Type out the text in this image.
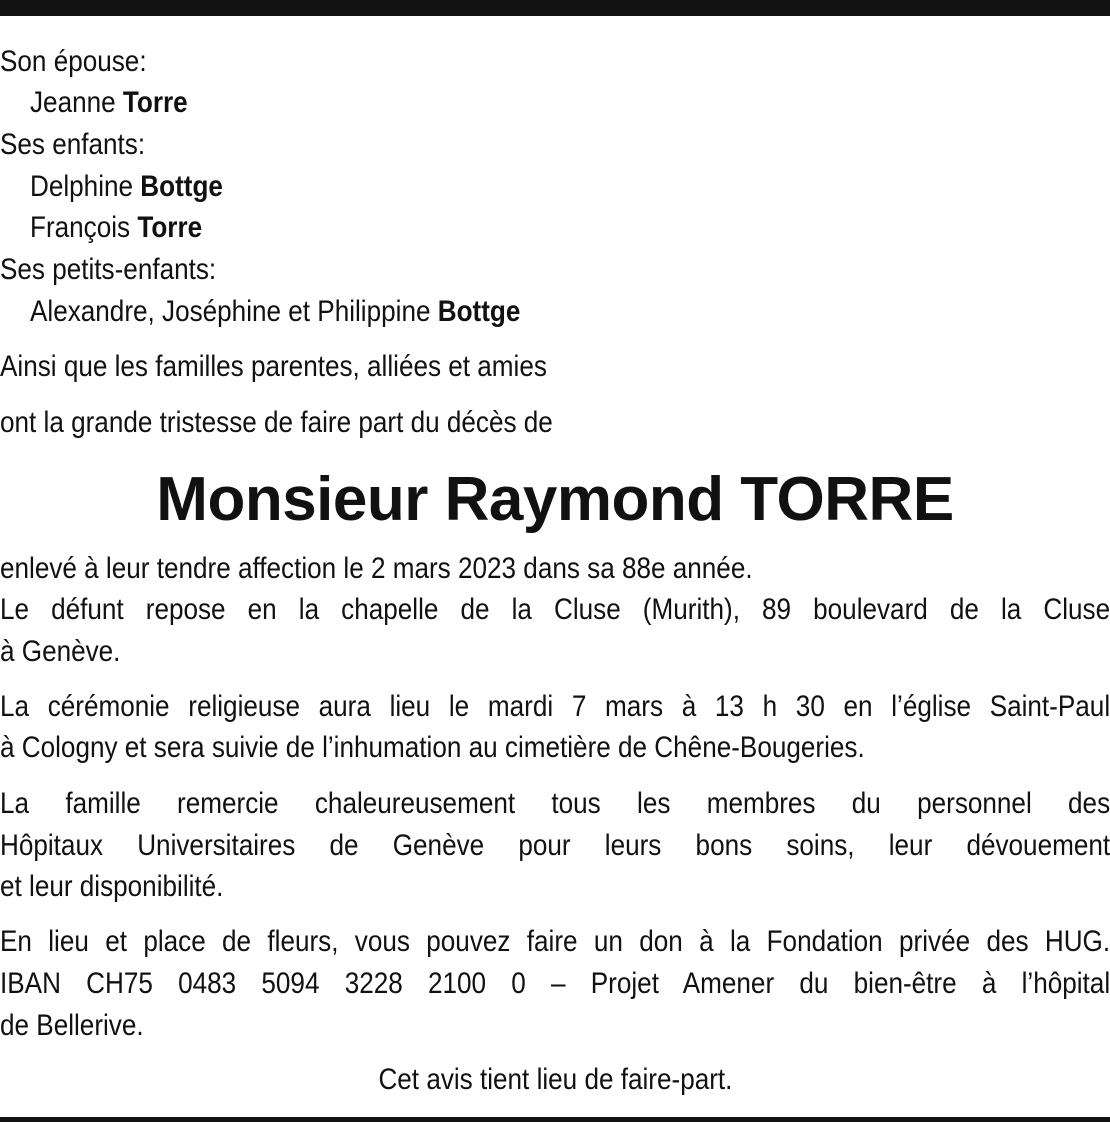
Son épouse:
Jeanne Torre
Ses enfants:
Delphine Bottge
François Torre
Ses petits-enfants:
Alexandre, Joséphine et Philippine Bottge
Ainsi que les familles parentes, alliées et amies
ont la grande tristesse de faire part du décès de
Monsieur Raymond TORRE
enlevé à leur tendre affection le 2 mars 2023 dans sa 88e année.
Le défunt repose en la chapelle de la Cluse (Murith), 89 boulevard de la Cluse
à Genève.
La cérémonie religieuse aura lieu le mardi 7 mars à 13 h 30 en l’église Saint-Paul
à Cologny et sera suivie de l’inhumation au cimetière de Chêne-Bougeries.
La famille remercie chaleureusement tous les membres du personnel des
Hôpitaux Universitaires de Genève pour leurs bons soins, leur dévouement
et leur disponibilité.
En lieu et place de fleurs, vous pouvez faire un don à la Fondation privée des HUG.
IBAN CH75 0483 5094 3228 2100 0 – Projet Amener du bien-être à l’hôpital
de Bellerive.
Cet avis tient lieu de faire-part.
